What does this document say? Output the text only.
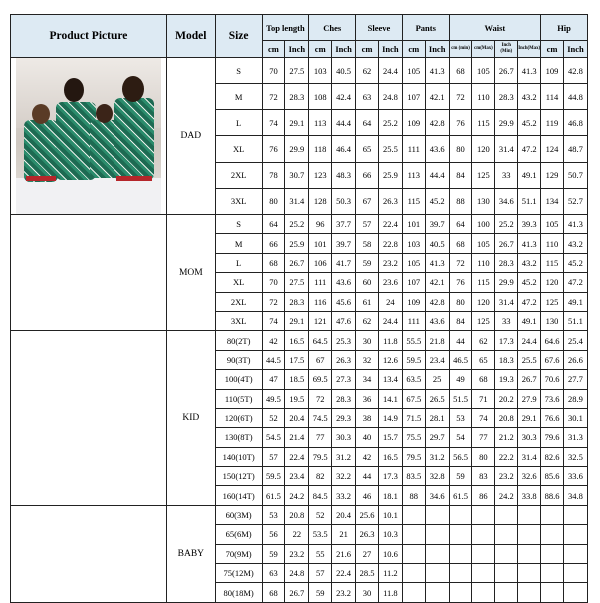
Product Picture	Model	Size	Top length		Ches		Sleeve		Pants		Waist				Hip	
			cm	Inch	cm	Inch	cm	Inch	cm	Inch	cm (min)	cm(Max)	Inch (Min)	Inch(Max)	cm	Inch

	DAD	S	70	27.5	103	40.5	62	24.4	105	41.3	68	105	26.7	41.3	109	42.8
		M	72	28.3	108	42.4	63	24.8	107	42.1	72	110	28.3	43.2	114	44.8
		L	74	29.1	113	44.4	64	25.2	109	42.8	76	115	29.9	45.2	119	46.8
		XL	76	29.9	118	46.4	65	25.5	111	43.6	80	120	31.4	47.2	124	48.7
		2XL	78	30.7	123	48.3	66	25.9	113	44.4	84	125	33	49.1	129	50.7
		3XL	80	31.4	128	50.3	67	26.3	115	45.2	88	130	34.6	51.1	134	52.7
	MOM	S	64	25.2	96	37.7	57	22.4	101	39.7	64	100	25.2	39.3	105	41.3
		M	66	25.9	101	39.7	58	22.8	103	40.5	68	105	26.7	41.3	110	43.2
		L	68	26.7	106	41.7	59	23.2	105	41.3	72	110	28.3	43.2	115	45.2
		XL	70	27.5	111	43.6	60	23.6	107	42.1	76	115	29.9	45.2	120	47.2
		2XL	72	28.3	116	45.6	61	24	109	42.8	80	120	31.4	47.2	125	49.1
		3XL	74	29.1	121	47.6	62	24.4	111	43.6	84	125	33	49.1	130	51.1
	KID	80(2T)	42	16.5	64.5	25.3	30	11.8	55.5	21.8	44	62	17.3	24.4	64.6	25.4
		90(3T)	44.5	17.5	67	26.3	32	12.6	59.5	23.4	46.5	65	18.3	25.5	67.6	26.6
		100(4T)	47	18.5	69.5	27.3	34	13.4	63.5	25	49	68	19.3	26.7	70.6	27.7
		110(5T)	49.5	19.5	72	28.3	36	14.1	67.5	26.5	51.5	71	20.2	27.9	73.6	28.9
		120(6T)	52	20.4	74.5	29.3	38	14.9	71.5	28.1	53	74	20.8	29.1	76.6	30.1
		130(8T)	54.5	21.4	77	30.3	40	15.7	75.5	29.7	54	77	21.2	30.3	79.6	31.3
		140(10T)	57	22.4	79.5	31.2	42	16.5	79.5	31.2	56.5	80	22.2	31.4	82.6	32.5
		150(12T)	59.5	23.4	82	32.2	44	17.3	83.5	32.8	59	83	23.2	32.6	85.6	33.6
		160(14T)	61.5	24.2	84.5	33.2	46	18.1	88	34.6	61.5	86	24.2	33.8	88.6	34.8
	BABY	60(3M)	53	20.8	52	20.4	25.6	10.1								
		65(6M)	56	22	53.5	21	26.3	10.3								
		70(9M)	59	23.2	55	21.6	27	10.6								
		75(12M)	63	24.8	57	22.4	28.5	11.2								
		80(18M)	68	26.7	59	23.2	30	11.8								
